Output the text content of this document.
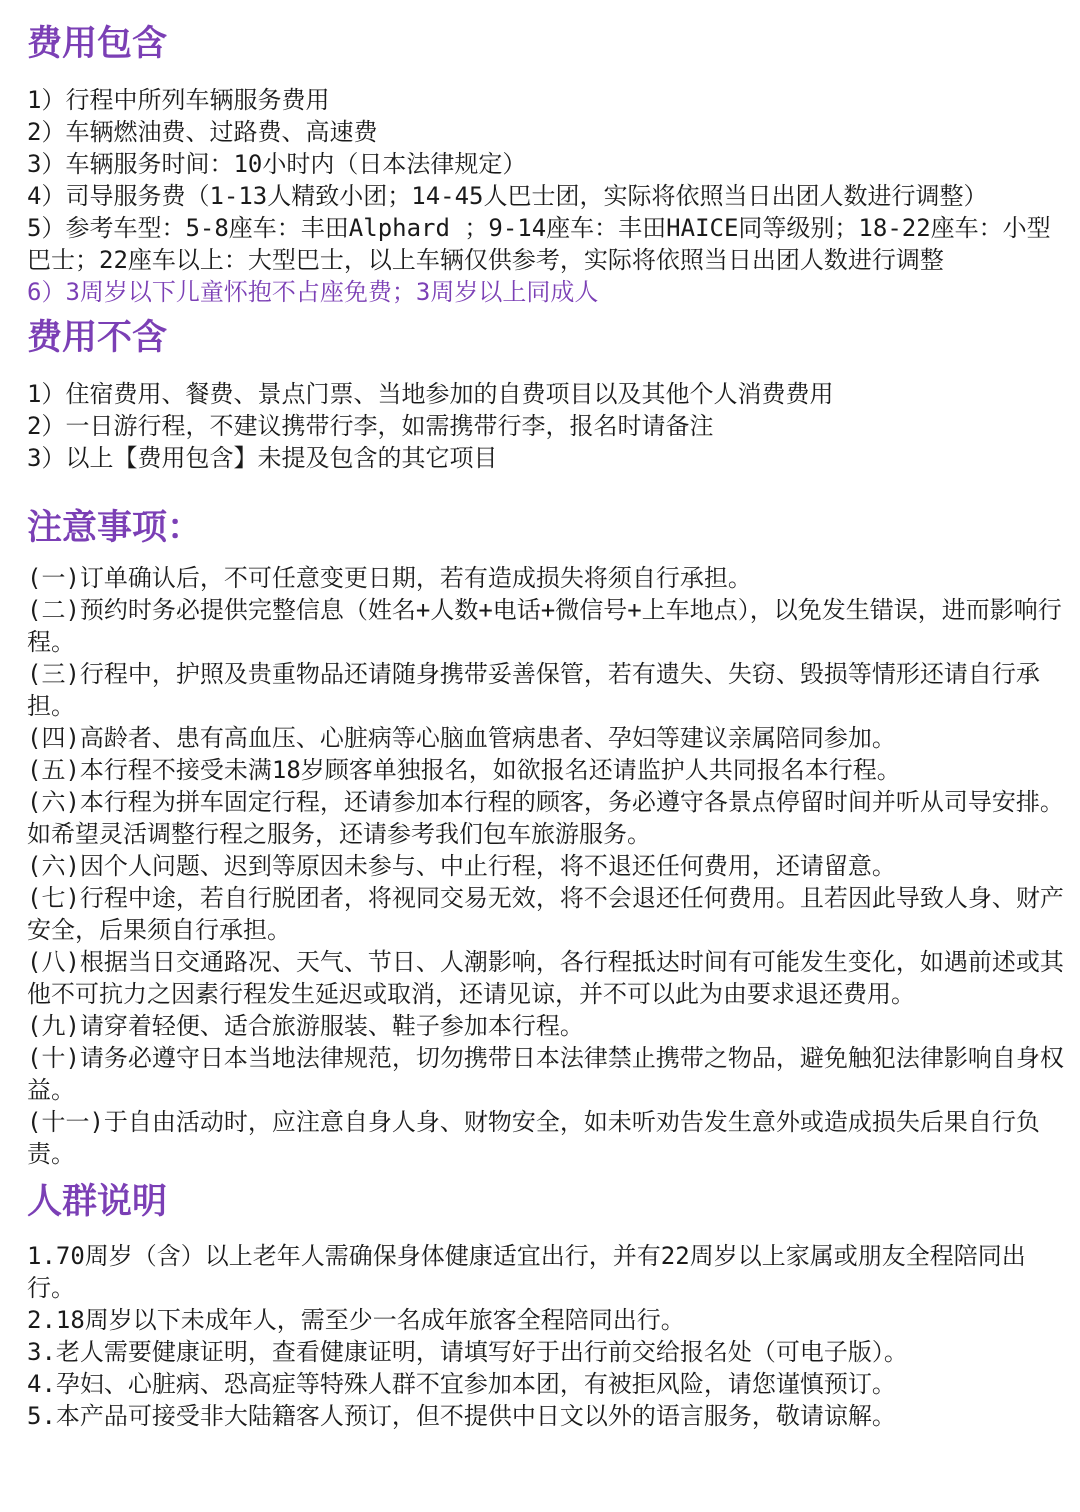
费用包含

1）行程中所列车辆服务费用

2）车辆燃油费、过路费、高速费

3）车辆服务时间：10小时内（日本法律规定）

4）司导服务费（1-13人精致小团；14-45人巴士团，实际将依照当日出团人数进行调整）

5）参考车型：5-8座车：丰田Alphard ；9-14座车：丰田HAICE同等级别；18-22座车：小型巴士；22座车以上：大型巴士，以上车辆仅供参考，实际将依照当日出团人数进行调整

6）3周岁以下儿童怀抱不占座免费；3周岁以上同成人

费用不含

1）住宿费用、餐费、景点门票、当地参加的自费项目以及其他个人消费费用

2）一日游行程，不建议携带行李，如需携带行李，报名时请备注

3）以上【费用包含】未提及包含的其它项目

注意事项：

(一)订单确认后，不可任意变更日期，若有造成损失将须自行承担。

(二)预约时务必提供完整信息（姓名+人数+电话+微信号+上车地点），以免发生错误，进而影响行程。

(三)行程中，护照及贵重物品还请随身携带妥善保管，若有遗失、失窃、毁损等情形还请自行承担。

(四)高龄者、患有高血压、心脏病等心脑血管病患者、孕妇等建议亲属陪同参加。

(五)本行程不接受未满18岁顾客单独报名，如欲报名还请监护人共同报名本行程。

(六)本行程为拼车固定行程，还请参加本行程的顾客，务必遵守各景点停留时间并听从司导安排。

如希望灵活调整行程之服务，还请参考我们包车旅游服务。

(六)因个人问题、迟到等原因未参与、中止行程，将不退还任何费用，还请留意。

(七)行程中途，若自行脱团者，将视同交易无效，将不会退还任何费用。且若因此导致人身、财产安全，后果须自行承担。

(八)根据当日交通路况、天气、节日、人潮影响，各行程抵达时间有可能发生变化，如遇前述或其他不可抗力之因素行程发生延迟或取消，还请见谅，并不可以此为由要求退还费用。

(九)请穿着轻便、适合旅游服装、鞋子参加本行程。

(十)请务必遵守日本当地法律规范，切勿携带日本法律禁止携带之物品，避免触犯法律影响自身权益。

(十一)于自由活动时，应注意自身人身、财物安全，如未听劝告发生意外或造成损失后果自行负责。

人群说明

1.70周岁（含）以上老年人需确保身体健康适宜出行，并有22周岁以上家属或朋友全程陪同出行。

2.18周岁以下未成年人，需至少一名成年旅客全程陪同出行。

3.老人需要健康证明，查看健康证明，请填写好于出行前交给报名处（可电子版）。

4.孕妇、心脏病、恐高症等特殊人群不宜参加本团，有被拒风险，请您谨慎预订。

5.本产品可接受非大陆籍客人预订，但不提供中日文以外的语言服务，敬请谅解。
